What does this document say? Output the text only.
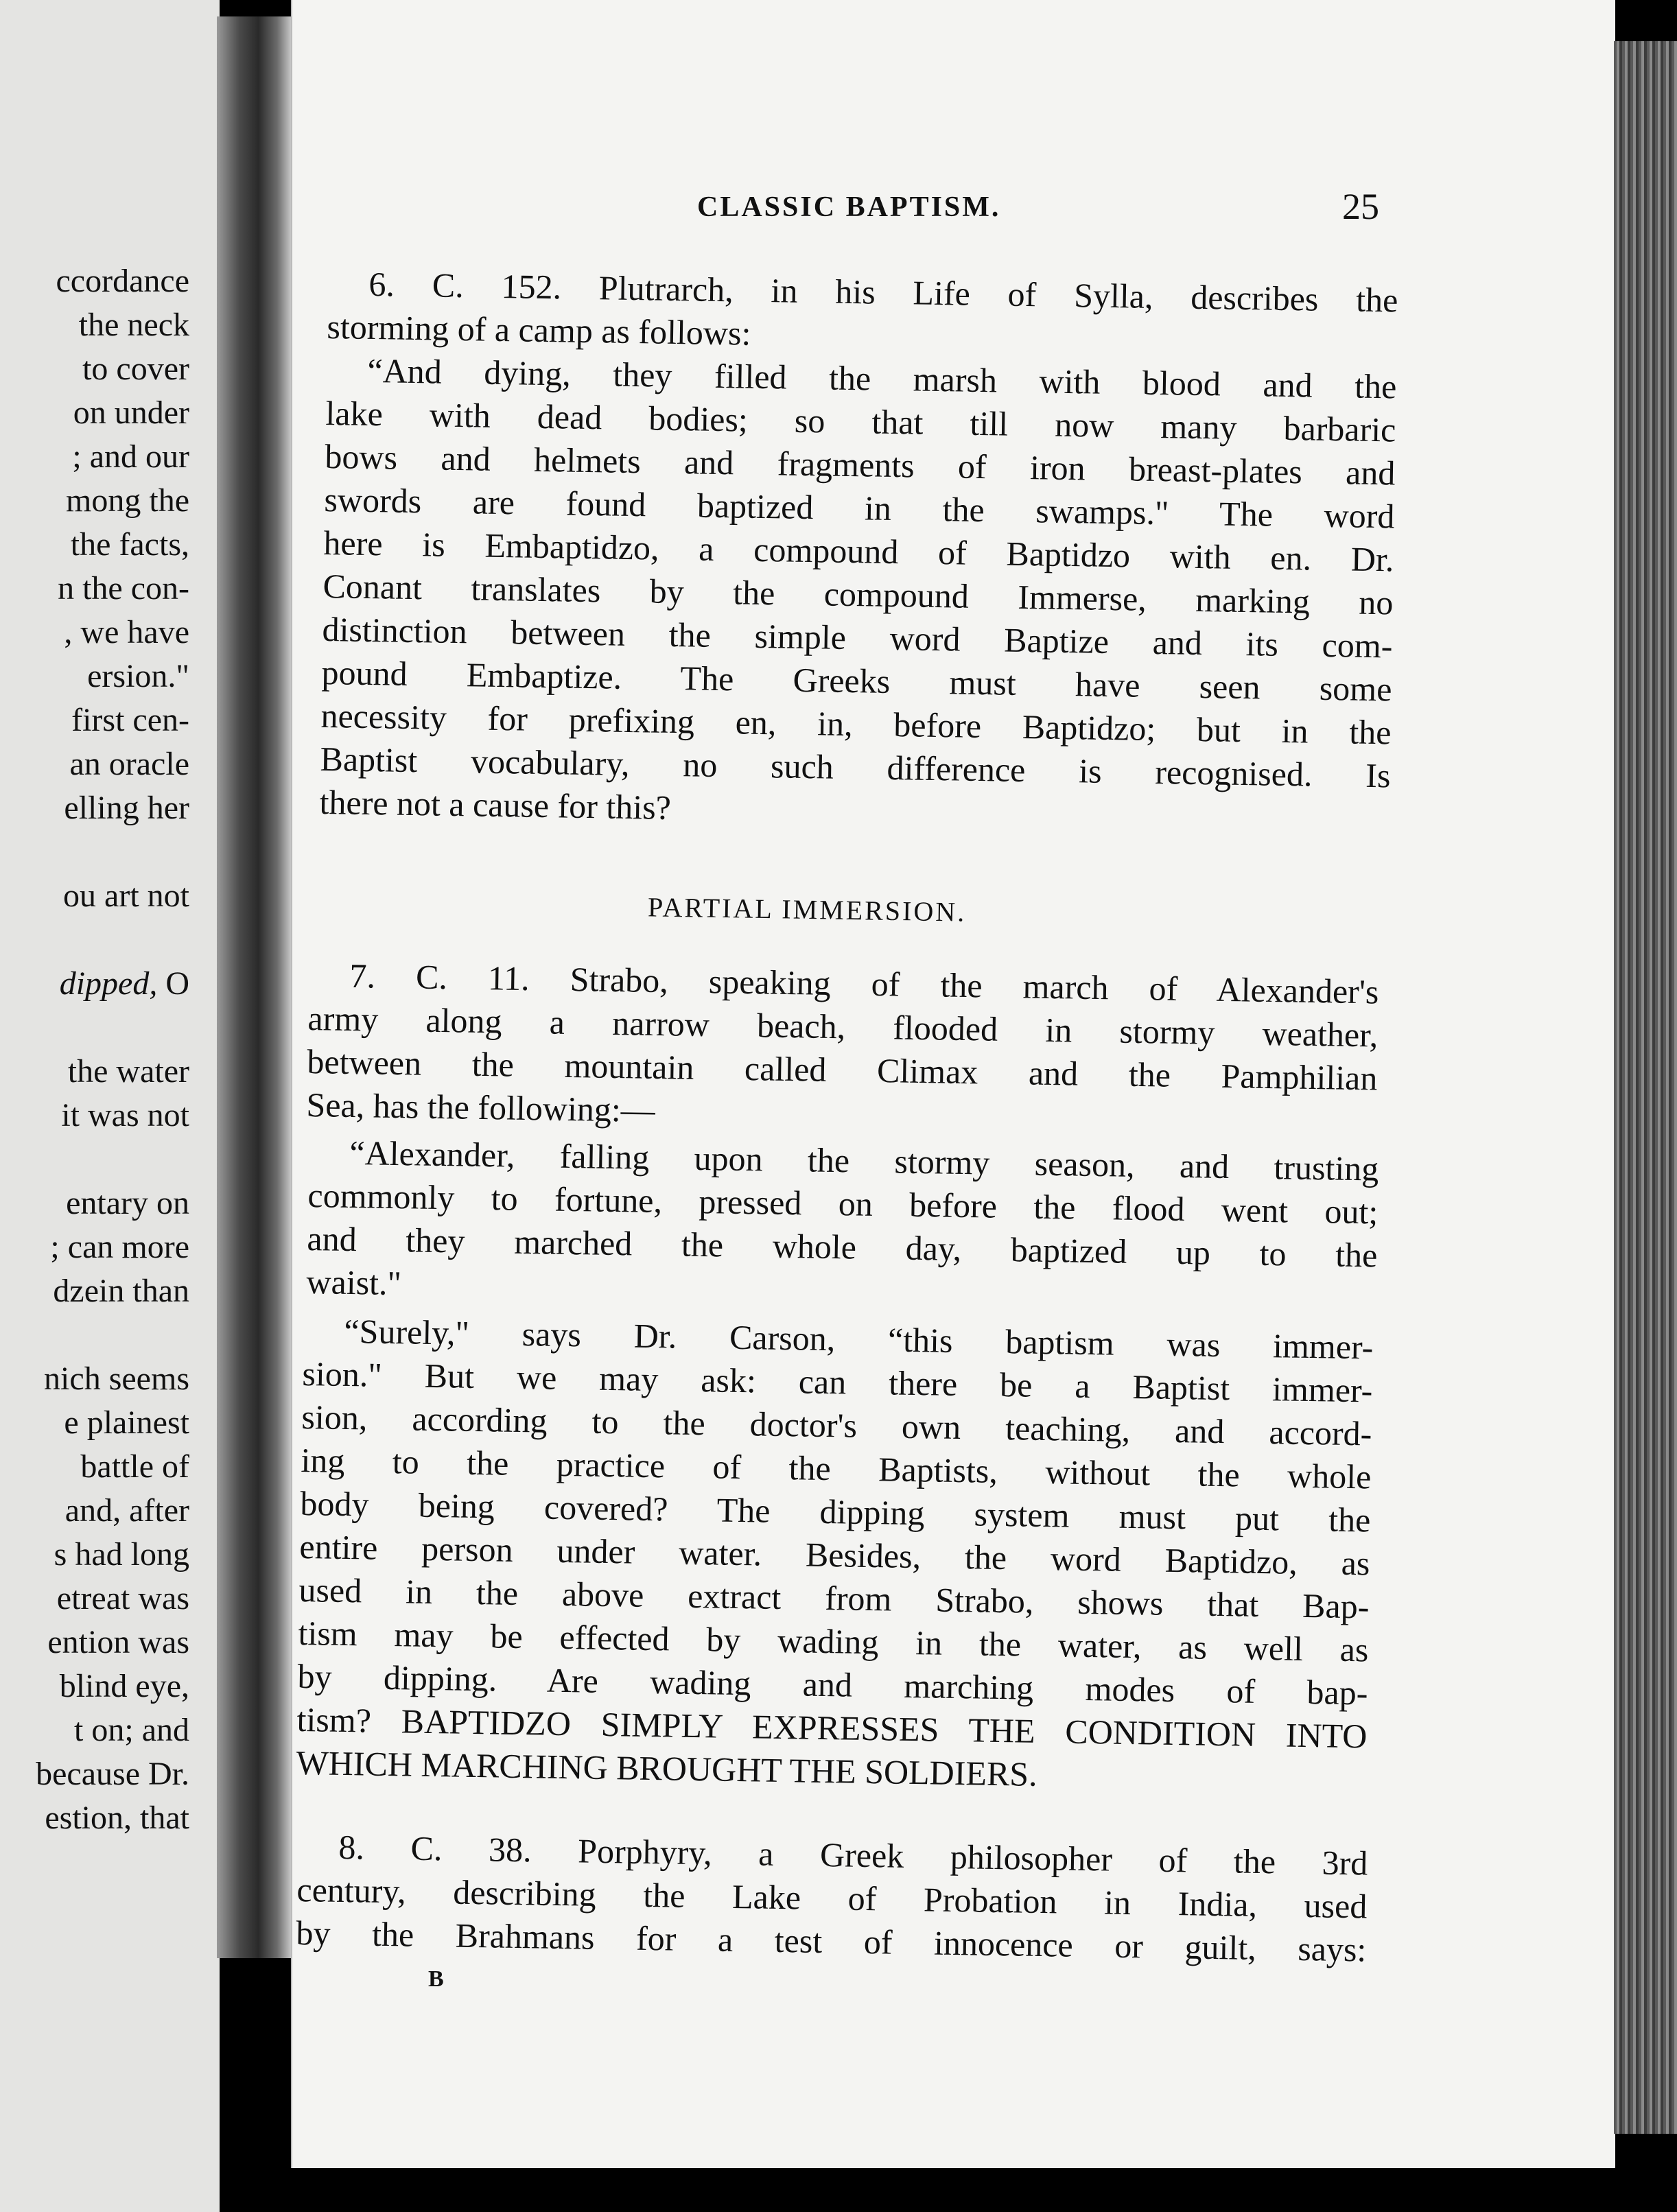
ccordance
the neck
to cover
on under
; and our
mong the
the facts,
n the con-
, we have
ersion."
first cen-
an oracle
elling her
ou art not
dipped, O
the water
it was not
entary on
; can more
dzein than
nich seems
e plainest
battle of
and, after
s had long
etreat was
ention was
blind eye,
t on; and
because Dr.
estion, that
CLASSIC BAPTISM.	25
6. C. 152. Plutrarch, in his Life of Sylla, describes the
storming of a camp as follows:
“And dying, they filled the marsh with blood and the
lake with dead bodies; so that till now many barbaric
bows and helmets and fragments of iron breast-plates and
swords are found baptized in the swamps." The word
here is Embaptidzo, a compound of Baptidzo with en. Dr.
Conant translates by the compound Immerse, marking no
distinction between the simple word Baptize and its com-
pound Embaptize. The Greeks must have seen some
necessity for prefixing en, in, before Baptidzo; but in the
Baptist vocabulary, no such difference is recognised. Is
there not a cause for this?
PARTIAL IMMERSION.
7. C. 11. Strabo, speaking of the march of Alexander's
army along a narrow beach, flooded in stormy weather,
between the mountain called Climax and the Pamphilian
Sea, has the following:—
“Alexander, falling upon the stormy season, and trusting
commonly to fortune, pressed on before the flood went out;
and they marched the whole day, baptized up to the
waist."
“Surely," says Dr. Carson, “this baptism was immer-
sion." But we may ask: can there be a Baptist immer-
sion, according to the doctor's own teaching, and accord-
ing to the practice of the Baptists, without the whole
body being covered? The dipping system must put the
entire person under water. Besides, the word Baptidzo, as
used in the above extract from Strabo, shows that Bap-
tism may be effected by wading in the water, as well as
by dipping. Are wading and marching modes of bap-
tism? BAPTIDZO SIMPLY EXPRESSES THE CONDITION INTO
WHICH MARCHING BROUGHT THE SOLDIERS.
8. C. 38. Porphyry, a Greek philosopher of the 3rd
century, describing the Lake of Probation in India, used
by the Brahmans for a test of innocence or guilt, says:
B
